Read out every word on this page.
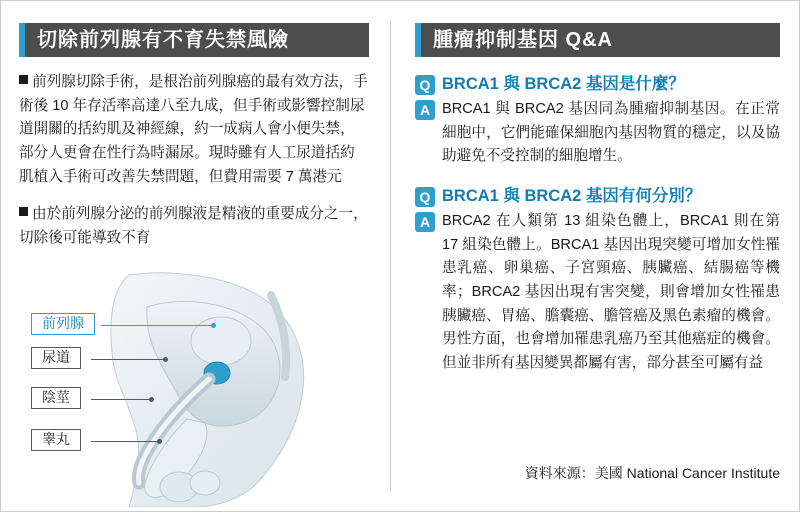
切除前列腺有不育失禁風險
前列腺切除手術，是根治前列腺癌的最有效方法，手術後 10 年存活率高達八至九成，但手術或影響控制尿道開關的括約肌及神經線，約一成病人會小便失禁，部分人更會在性行為時漏尿。現時雖有人工尿道括約肌植入手術可改善失禁問題，但費用需要 7 萬港元
由於前列腺分泌的前列腺液是精液的重要成分之一，切除後可能導致不育
前列腺
尿道
陰莖
睾丸
腫瘤抑制基因 Q&A
Q BRCA1 與 BRCA2 基因是什麼？
A BRCA1 與 BRCA2 基因同為腫瘤抑制基因。在正常細胞中，它們能確保細胞內基因物質的穩定，以及協助避免不受控制的細胞增生。
Q BRCA1 與 BRCA2 基因有何分別？
A BRCA2 在人類第 13 組染色體上，BRCA1 則在第 17 組染色體上。BRCA1 基因出現突變可增加女性罹患乳癌、卵巢癌、子宮頸癌、胰臟癌、結腸癌等機率；BRCA2 基因出現有害突變，則會增加女性罹患胰臟癌、胃癌、膽囊癌、膽管癌及黑色素瘤的機會。男性方面，也會增加罹患乳癌乃至其他癌症的機會。但並非所有基因變異都屬有害，部分甚至可屬有益
資料來源：美國 National Cancer Institute
